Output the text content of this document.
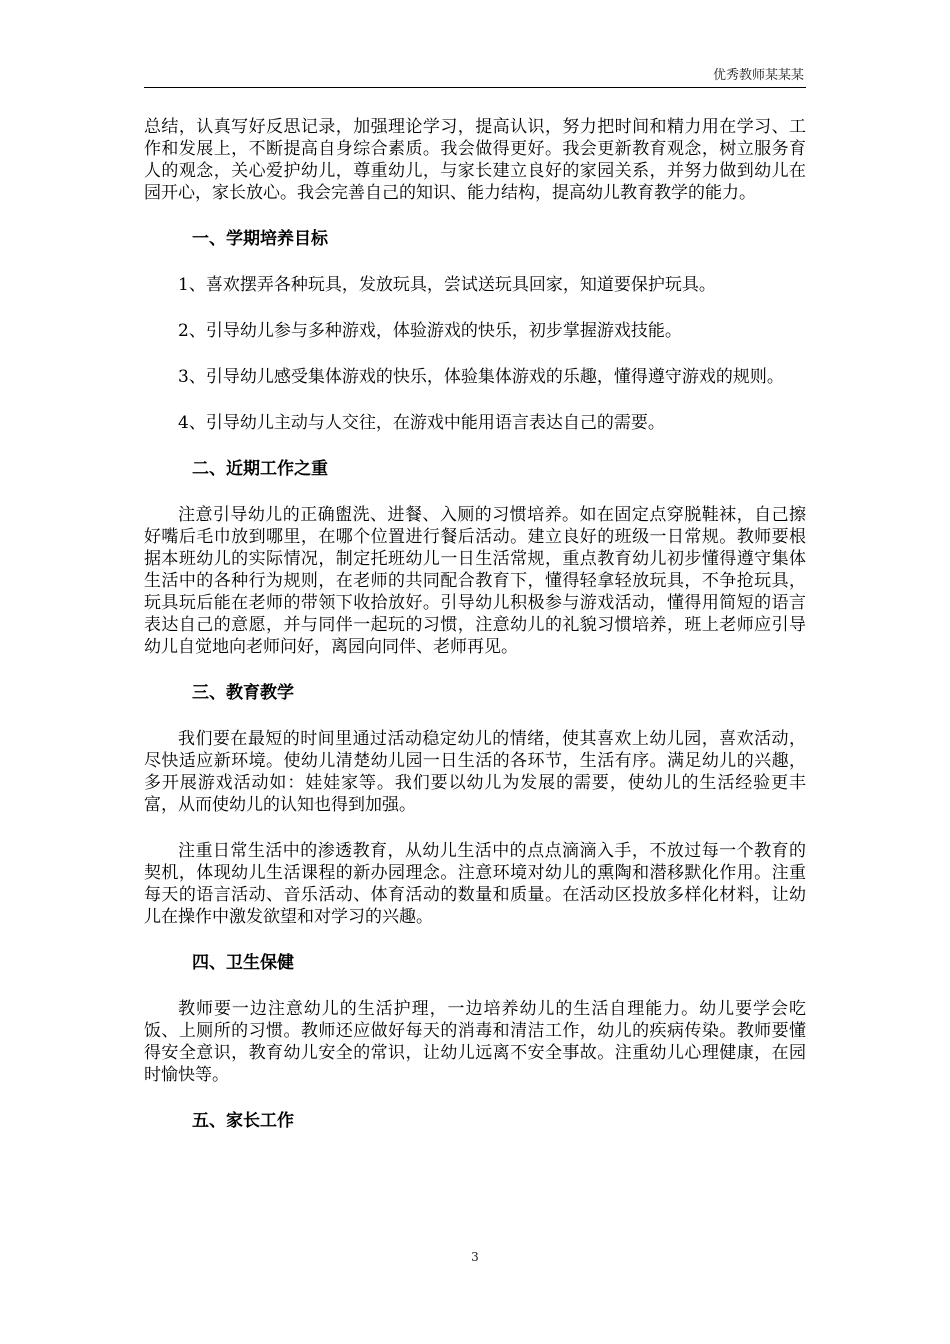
优秀教师某某某

总结，认真写好反思记录，加强理论学习，提高认识，努力把时间和精力用在学习、工作和发展上，不断提高自身综合素质。我会做得更好。我会更新教育观念，树立服务育人的观念，关心爱护幼儿，尊重幼儿，与家长建立良好的家园关系，并努力做到幼儿在园开心，家长放心。我会完善自己的知识、能力结构，提高幼儿教育教学的能力。

一、学期培养目标

1、喜欢摆弄各种玩具，发放玩具，尝试送玩具回家，知道要保护玩具。

2、引导幼儿参与多种游戏，体验游戏的快乐，初步掌握游戏技能。

3、引导幼儿感受集体游戏的快乐，体验集体游戏的乐趣，懂得遵守游戏的规则。

4、引导幼儿主动与人交往，在游戏中能用语言表达自己的需要。

二、近期工作之重

注意引导幼儿的正确盥洗、进餐、入厕的习惯培养。如在固定点穿脱鞋袜，自己擦好嘴后毛巾放到哪里，在哪个位置进行餐后活动。建立良好的班级一日常规。教师要根据本班幼儿的实际情况，制定托班幼儿一日生活常规，重点教育幼儿初步懂得遵守集体生活中的各种行为规则，在老师的共同配合教育下，懂得轻拿轻放玩具，不争抢玩具，玩具玩后能在老师的带领下收拾放好。引导幼儿积极参与游戏活动，懂得用简短的语言表达自己的意愿，并与同伴一起玩的习惯，注意幼儿的礼貌习惯培养，班上老师应引导幼儿自觉地向老师问好，离园向同伴、老师再见。

三、教育教学

我们要在最短的时间里通过活动稳定幼儿的情绪，使其喜欢上幼儿园，喜欢活动，尽快适应新环境。使幼儿清楚幼儿园一日生活的各环节，生活有序。满足幼儿的兴趣，多开展游戏活动如：娃娃家等。我们要以幼儿为发展的需要，使幼儿的生活经验更丰富，从而使幼儿的认知也得到加强。

注重日常生活中的渗透教育，从幼儿生活中的点点滴滴入手，不放过每一个教育的契机，体现幼儿生活课程的新办园理念。注意环境对幼儿的熏陶和潜移默化作用。注重每天的语言活动、音乐活动、体育活动的数量和质量。在活动区投放多样化材料，让幼儿在操作中激发欲望和对学习的兴趣。

四、卫生保健

教师要一边注意幼儿的生活护理，一边培养幼儿的生活自理能力。幼儿要学会吃饭、上厕所的习惯。教师还应做好每天的消毒和清洁工作，幼儿的疾病传染。教师要懂得安全意识，教育幼儿安全的常识，让幼儿远离不安全事故。注重幼儿心理健康，在园时愉快等。

五、家长工作
3
